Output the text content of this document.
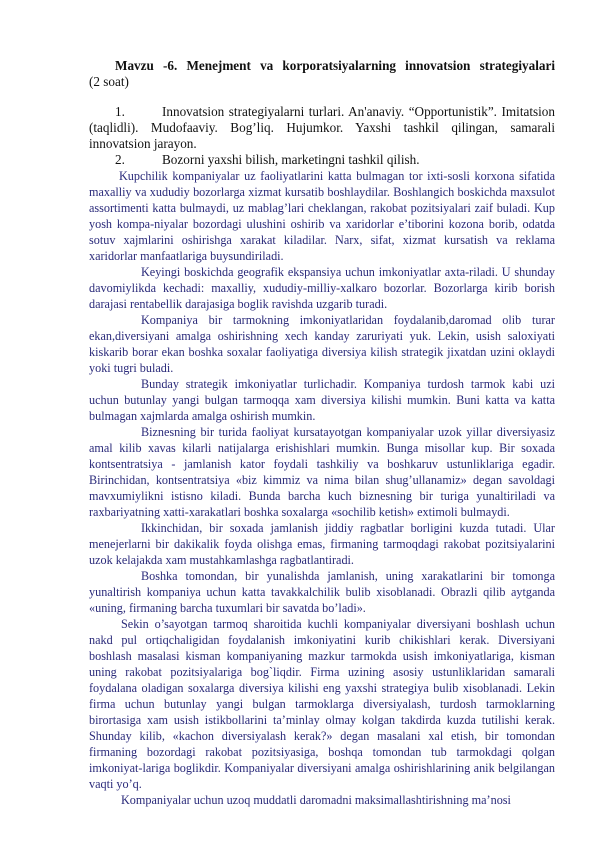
Mavzu -6. Menejment va korporatsiyalarning innovatsion strategiyalari

(2 soat)

1.	Innovatsion strategiyalarni turlari. An'anaviy. “Opportunistik”. Imitatsion (taqlidli). Mudofaaviy. Bog’liq. Hujumkor. Yaxshi tashkil qilingan, samarali innovatsion jarayon.

2.	Bozorni yaxshi bilish, marketingni tashkil qilish.

Kupchilik kompaniyalar uz faoliyatlarini katta bulmagan tor ixti-sosli korxona sifatida maxalliy va xududiy bozorlarga xizmat kursatib boshlaydilar. Boshlangich boskichda maxsulot assortimenti katta bulmaydi, uz mablag’lari cheklangan, rakobat pozitsiyalari zaif buladi. Kup yosh kompa-niyalar bozordagi ulushini oshirib va xaridorlar e’tiborini kozona borib, odatda sotuv xajmlarini oshirishga xarakat kiladilar. Narx, sifat, xizmat kursatish va reklama xaridorlar manfaatlariga buysundiriladi.

Keyingi boskichda geografik ekspansiya uchun imkoniyatlar axta-riladi. U shunday davomiylikda kechadi: maxalliy, xududiy-milliy-xalkaro bozorlar. Bozorlarga kirib borish darajasi rentabellik darajasiga boglik ravishda uzgarib turadi.

Kompaniya bir tarmokning imkoniyatlaridan foydalanib,daromad olib turar ekan,diversiyani amalga oshirishning xech kanday zaruriyati yuk. Lekin, usish saloxiyati kiskarib borar ekan boshka soxalar faoliyatiga diversiya kilish strategik jixatdan uzini oklaydi yoki tugri buladi.

Bunday strategik imkoniyatlar turlichadir. Kompaniya turdosh tarmok kabi uzi uchun butunlay yangi bulgan tarmoqqa xam diversiya kilishi mumkin. Buni katta va katta bulmagan xajmlarda amalga oshirish mumkin.

Biznesning bir turida faoliyat kursatayotgan kompaniyalar uzok yillar diversiyasiz amal kilib xavas kilarli natijalarga erishishlari mumkin. Bunga misollar kup. Bir soxada kontsentratsiya - jamlanish kator foydali tashkiliy va boshkaruv ustunliklariga egadir. Birinchidan, kontsentratsiya «biz kimmiz va nima bilan shug’ullanamiz» degan savoldagi mavxumiylikni istisno kiladi. Bunda barcha kuch biznesning bir turiga yunaltiriladi va raxbariyatning xatti-xarakatlari boshka soxalarga «sochilib ketish» extimoli bulmaydi.

Ikkinchidan, bir soxada jamlanish jiddiy ragbatlar borligini kuzda tutadi. Ular menejerlarni bir dakikalik foyda olishga emas, firmaning tarmoqdagi rakobat pozitsiyalarini uzok kelajakda xam mustahkamlashga ragbatlantiradi.

Boshka tomondan, bir yunalishda jamlanish, uning xarakatlarini bir tomonga yunaltirish kompaniya uchun katta tavakkalchilik bulib xisoblanadi. Obrazli qilib aytganda «uning, firmaning barcha tuxumlari bir savatda bo’ladi».

Sekin o’sayotgan tarmoq sharoitida kuchli kompaniyalar diversiyani boshlash uchun nakd pul ortiqchaligidan foydalanish imkoniyatini kurib chikishlari kerak. Diversiyani boshlash masalasi kisman kompaniyaning mazkur tarmokda usish imkoniyatlariga, kisman uning rakobat pozitsiyalariga bog`liqdir. Firma uzining asosiy ustunliklaridan samarali foydalana oladigan soxalarga diversiya kilishi eng yaxshi strategiya bulib xisoblanadi. Lekin firma uchun butunlay yangi bulgan tarmoklarga diversiyalash, turdosh tarmoklarning birortasiga xam usish istikbollarini ta’minlay olmay kolgan takdirda kuzda tutilishi kerak. Shunday kilib, «kachon diversiyalash kerak?» degan masalani xal etish, bir tomondan firmaning bozordagi rakobat pozitsiyasiga, boshqa tomondan tub tarmokdagi qolgan imkoniyat-lariga boglikdir. Kompaniyalar diversiyani amalga oshirishlarining anik belgilangan vaqti yo’q.

Kompaniyalar uchun uzoq muddatli daromadni maksimallashtirishning ma’nosi
